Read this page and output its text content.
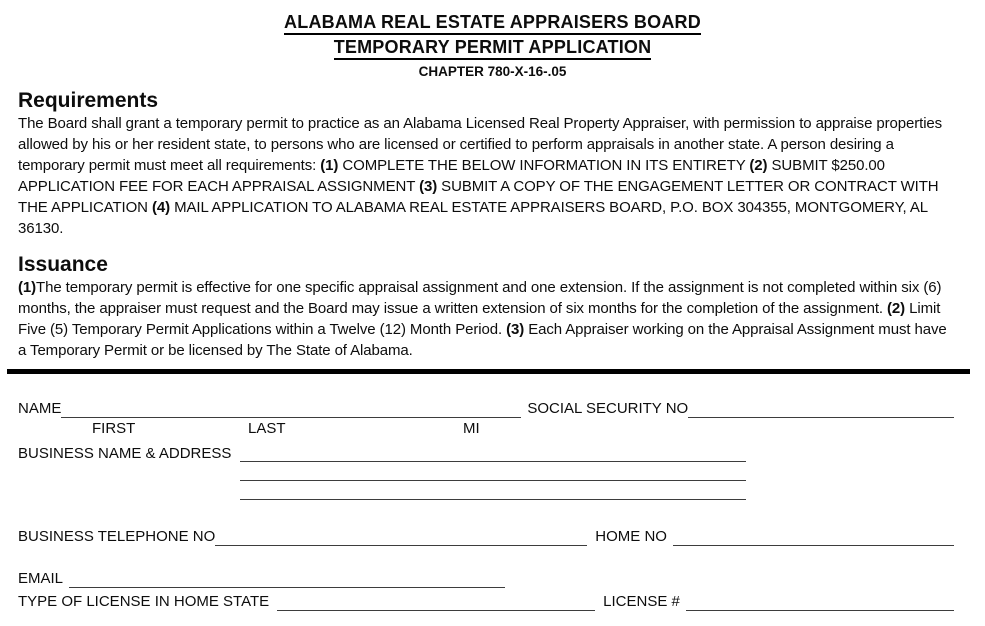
ALABAMA REAL ESTATE APPRAISERS BOARD
TEMPORARY PERMIT APPLICATION
CHAPTER 780-X-16-.05
Requirements

The Board shall grant a temporary permit to practice as an Alabama Licensed Real Property Appraiser, with permission to appraise properties allowed by his or her resident state, to persons who are licensed or certified to perform appraisals in another state. A person desiring a temporary permit must meet all requirements: (1) COMPLETE THE BELOW INFORMATION IN ITS ENTIRETY (2) SUBMIT $250.00 APPLICATION FEE FOR EACH APPRAISAL ASSIGNMENT (3) SUBMIT A COPY OF THE ENGAGEMENT LETTER OR CONTRACT WITH THE APPLICATION (4) MAIL APPLICATION TO ALABAMA REAL ESTATE APPRAISERS BOARD, P.O. BOX 304355, MONTGOMERY, AL 36130.

Issuance

(1)The temporary permit is effective for one specific appraisal assignment and one extension. If the assignment is not completed within six (6) months, the appraiser must request and the Board may issue a written extension of six months for the completion of the assignment. (2) Limit Five (5) Temporary Permit Applications within a Twelve (12) Month Period. (3) Each Appraiser working on the Appraisal Assignment must have a Temporary Permit or be licensed by The State of Alabama.

NAME	SOCIAL SECURITY NO
FIRST	LAST	MI
BUSINESS NAME & ADDRESS
BUSINESS TELEPHONE NO	HOME NO
EMAIL
TYPE OF LICENSE IN HOME STATE	LICENSE #
